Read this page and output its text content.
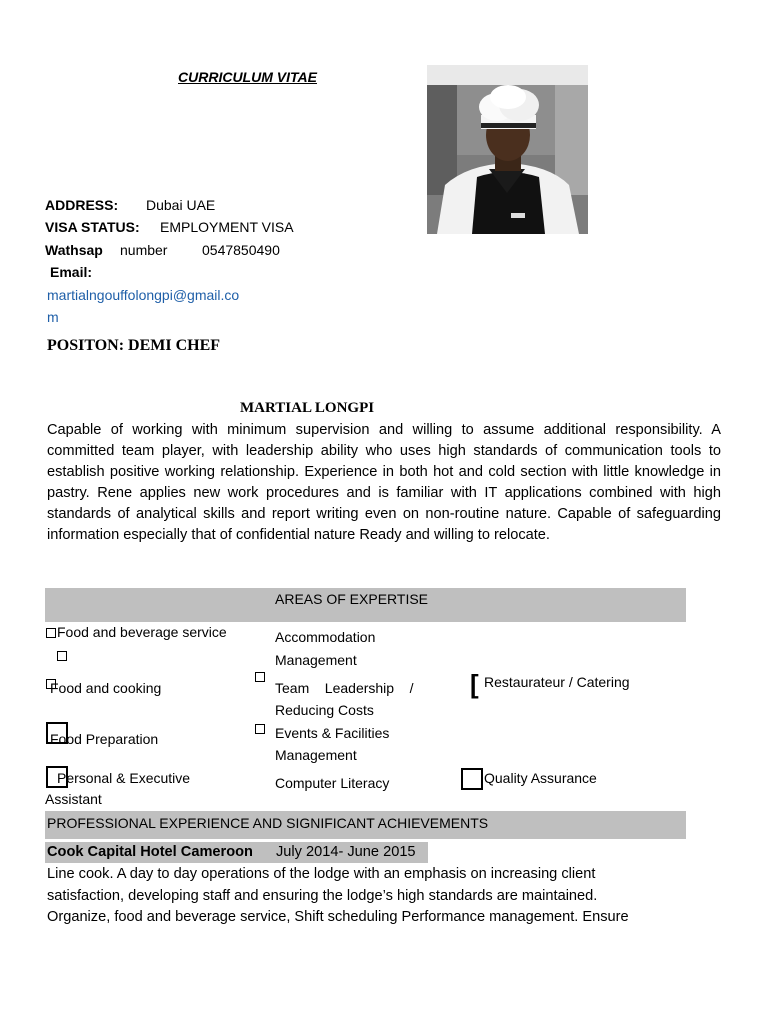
CURRICULUM VITAE
ADDRESS: Dubai UAE
VISA STATUS: EMPLOYMENT VISA
Wathsap number 0547850490
Email:
martialngouffolongpi@gmail.co
m
POSITON: DEMI CHEF
MARTIAL LONGPI
Capable of working with minimum supervision and willing to assume additional responsibility. A committed team player, with leadership ability who uses high standards of communication tools to establish positive working relationship. Experience in both hot and cold section with little knowledge in pastry. Rene applies new work procedures and is familiar with IT applications combined with high standards of analytical skills and report writing even on non-routine nature. Capable of safeguarding information especially that of confidential nature Ready and willing to relocate.
AREAS OF EXPERTISE
Food and beverage service
Food and cooking
Food Preparation
Personal & Executive
Assistant
Accommodation
Management
Team    Leadership    /
Reducing Costs
Events & Facilities
Management
Computer Literacy
[ Restaurateur / Catering
Quality Assurance
PROFESSIONAL EXPERIENCE AND SIGNIFICANT ACHIEVEMENTS
Cook Capital Hotel Cameroon July 2014- June 2015
Line cook. A day to day operations of the lodge with an emphasis on increasing client
satisfaction, developing staff and ensuring the lodge’s high standards are maintained.
Organize, food and beverage service, Shift scheduling Performance management. Ensure
